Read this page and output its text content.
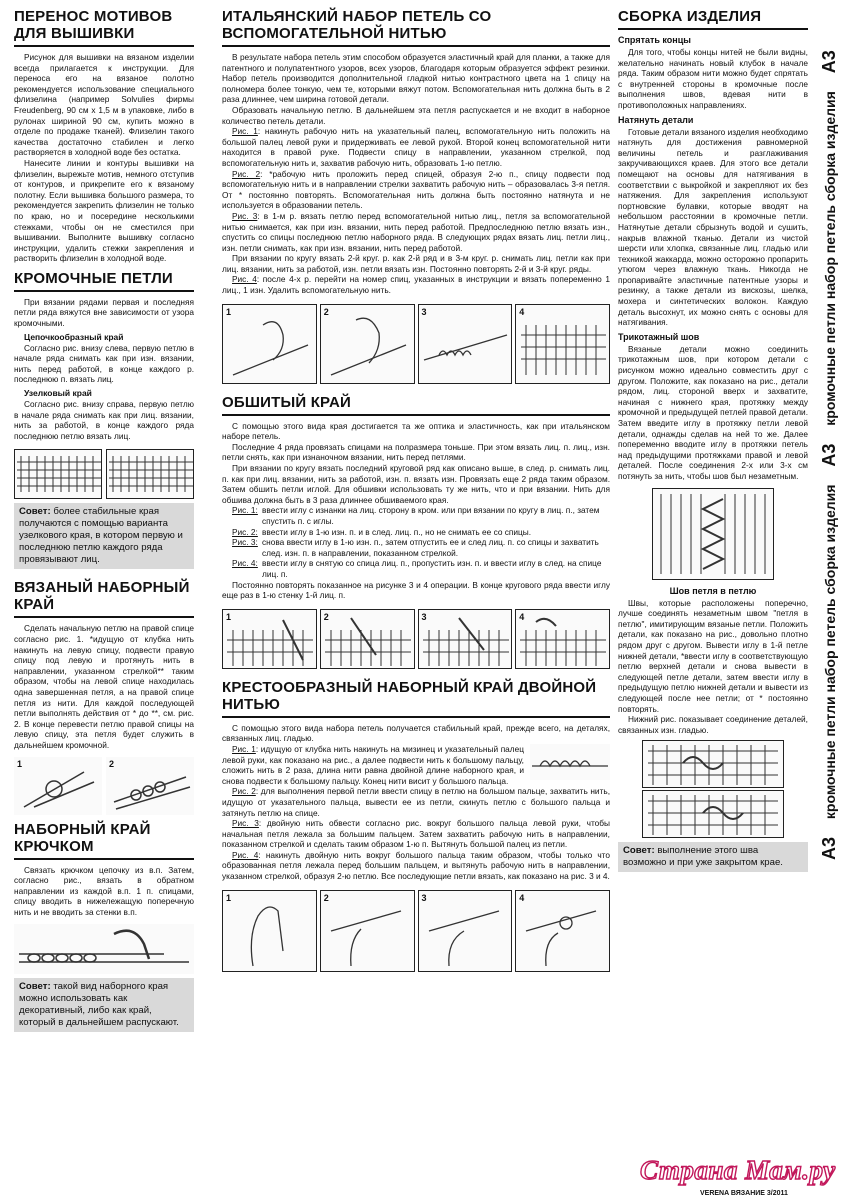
ПЕРЕНОС МОТИВОВ ДЛЯ ВЫШИВКИ

Рисунок для вышивки на вязаном изделии всегда прилагается к инструкции. Для переноса его на вязаное полотно рекомендуется использование специального флизелина (например Solvuliеs фирмы Freudenberg, 90 см х 1,5 м в упаковке, либо в рулонах шириной 90 см, купить можно в отделе по продаже тканей). Флизелин такого качества достаточно стабилен и легко растворяется в холодной воде без остатка.

Нанесите линии и контуры вышивки на флизелин, вырежьте мотив, немного отступив от контуров, и прикрепите его к вязаному полотну. Если вышивка большого размера, то рекомендуется закрепить флизелин не только по краю, но и посередине несколькими стежками, чтобы он не сместился при вышивании. Выполните вышивку согласно инструкции, удалить стежки закрепления и растворить флизелин в холодной воде.

КРОМОЧНЫЕ ПЕТЛИ

При вязании рядами первая и последняя петли ряда вяжутся вне зависимости от узора кромочными.

Цепочкообразный край

Согласно рис. внизу слева, первую петлю в начале ряда снимать как при изн. вязании, нить перед работой, в конце каждого р. последнюю п. вязать лиц.

Узелковый край

Согласно рис. внизу справа, первую петлю в начале ряда снимать как при лиц. вязании, нить за работой, в конце каждого ряда последнюю петлю вязать лиц.

Совет: более стабильные края получаются с помощью варианта узелкового края, в котором первую и последнюю петлю каждого ряда провязывают лиц.
ВЯЗАНЫЙ НАБОРНЫЙ КРАЙ

Сделать начальную петлю на правой спице согласно рис. 1. *идущую от клубка нить накинуть на левую спицу, подвести правую спицу под левую и протянуть нить в направлении, указанном стрелкой** таким образом, чтобы на левой спице находилась одна завершенная петля, а на правой спице петля из нити. Для каждой последующей петли выполнять действия от * до **, см. рис. 2. В конце перевести петлю правой спицы на левую спицу, эта петля будет служить в дальнейшем кромочной.

1	2
НАБОРНЫЙ КРАЙ КРЮЧКОМ

Связать крючком цепочку из в.п. Затем, согласно рис., вязать в обратном направлении из каждой в.п. 1 п. спицами, спицу вводить в нижележащую поперечную нить и не вводить за стенки в.п.

Совет: такой вид наборного края можно использовать как декоративный, либо как край, который в дальнейшем распускают.
ИТАЛЬЯНСКИЙ НАБОР ПЕТЕЛЬ СО ВСПОМОГАТЕЛЬНОЙ НИТЬЮ

В результате набора петель этим способом образуется эластичный край для планки, а также для патентного и полупатентного узоров, всех узоров, благодаря которым образуется эффект резинки. Набор петель производится дополнительной гладкой нитью контрастного цвета на 1 спицу на полномера более тонкую, чем те, которыми вяжут потом. Вспомогательная нить должна быть в 2 раза длиннее, чем ширина готовой детали.

Образовать начальную петлю. В дальнейшем эта петля распускается и не входит в наборное количество петель детали.

Рис. 1: накинуть рабочую нить на указательный палец, вспомогательную нить положить на большой палец левой руки и придерживать ее левой рукой. Второй конец вспомогательной нити находится в правой руке. Подвести спицу в направлении, указанном стрелкой, под вспомогательную нить и, захватив рабочую нить, образовать 1-ю петлю.

Рис. 2: *рабочую нить проложить перед спицей, образуя 2-ю п., спицу подвести под вспомогательную нить и в направлении стрелки захватить рабочую нить – образовалась 3-я петля. От * постоянно повторять. Вспомогательная нить должна быть постоянно натянута и не используется в образовании петель.

Рис. 3: в 1-м р. вязать петлю перед вспомогательной нитью лиц., петля за вспомогательной нитью снимается, как при изн. вязании, нить перед работой. Предпоследнюю петлю вязать изн., спустить со спицы последнюю петлю наборного ряда. В следующих рядах вязать лиц. петли лиц., изн. петли снимать, как при изн. вязании, нить перед работой.

При вязании по кругу вязать 2-й круг. р. как 2-й ряд и в 3-м круг. р. снимать лиц. петли как при лиц. вязании, нить за работой, изн. петли вязать изн. Постоянно повторять 2-й и 3-й круг. ряды.

Рис. 4: после 4-х р. перейти на номер спиц, указанных в инструкции и вязать попеременно 1 лиц., 1 изн. Удалить вспомогательную нить.

1	2	3	4
ОБШИТЫЙ КРАЙ

С помощью этого вида края достигается та же оптика и эластичность, как при итальянском наборе петель.

Последние 4 ряда провязать спицами на полразмера тоньше. При этом вязать лиц. п. лиц., изн. петли снять, как при изнаночном вязании, нить перед петлями.

При вязании по кругу вязать последний круговой ряд как описано выше, в след. р. снимать лиц. п. как при лиц. вязании, нить за работой, изн. п. вязать изн. Провязать еще 2 ряда таким образом. Затем обшить петли иглой. Для обшивки использовать ту же нить, что и при вязании. Нить для обшива должна быть в 3 раза длиннее обшиваемого края.

Рис. 1: ввести иглу с изнанки на лиц. сторону в кром. или при вязании по кругу в лиц. п., затем спустить п. с иглы.
Рис. 2: ввести иглу в 1-ю изн. п. и в след. лиц. п., но не снимать ее со спицы.
Рис. 3: снова ввести иглу в 1-ю изн. п., затем отпустить ее и след лиц. п. со спицы и захватить след. изн. п. в направлении, показанном стрелкой.
Рис. 4: ввести иглу в снятую со спица лиц. п., пропустить изн. п. и ввести иглу в след. на спице лиц. п.

Постоянно повторять показанное на рисунке 3 и 4 операции. В конце кругового ряда ввести иглу еще раз в 1-ю стенку 1-й лиц. п.

1	2	3	4
КРЕСТООБРАЗНЫЙ НАБОРНЫЙ КРАЙ ДВОЙНОЙ НИТЬЮ

С помощью этого вида набора петель получается стабильный край, прежде всего, на деталях, связанных лиц. гладью.

Рис. 1: идущую от клубка нить накинуть на мизинец и указательный палец левой руки, как показано на рис., а далее подвести нить к большому пальцу, сложить нить в 2 раза, длина нити равна двойной длине наборного края, и снова подвести к большому пальцу. Конец нити висит у большого пальца.

Рис. 2: для выполнения первой петли ввести спицу в петлю на большом пальце, захватить нить, идущую от указательного пальца, вывести ее из петли, скинуть петлю с большого пальца и затянуть петлю на спице.

Рис. 3: двойную нить обвести согласно рис. вокруг большого пальца левой руки, чтобы начальная петля лежала за большим пальцем. Затем захватить рабочую нить в направлении, показанном стрелкой и сделать таким образом 1-ю п. Вытянуть большой палец из петли.

Рис. 4: накинуть двойную нить вокруг большого пальца таким образом, чтобы только что образованная петля лежала перед большим пальцем, и вытянуть рабочую нить в направлении, указанном стрелкой, образуя 2-ю петлю. Все последующие петли вязать, как показано на рис. 3 и 4.

1	2	3	4
СБОРКА ИЗДЕЛИЯ
Спрятать концы

Для того, чтобы концы нитей не были видны, желательно начинать новый клубок в начале ряда. Таким образом нити можно будет спрятать с внутренней стороны в кромочные после выполнения швов, вдевая нити в противоположных направлениях.

Натянуть детали

Готовые детали вязаного изделия необходимо натянуть для достижения равномерной величины петель и разглаживания закручивающихся краев. Для этого все детали помещают на основы для натягивания в соответствии с выкройкой и закрепляют их без натяжения. Для закрепления используют портновские булавки, которые вводят на небольшом расстоянии в кромочные петли. Натянутые детали сбрызнуть водой и сушить, накрыв влажной тканью. Детали из чистой шерсти или хлопка, связанные лиц. гладью или техникой жаккарда, можно осторожно пропарить утюгом через влажную ткань. Никогда не пропаривайте эластичные патентные узоры и резинку, а также детали из вискозы, шелка, мохера и синтетических волокон. Каждую деталь высохнут, их можно снять с основы для натягивания.

Трикотажный шов

Вязаные детали можно соединить трикотажным шов, при котором детали с рисунком можно идеально совместить друг с другом. Положите, как показано на рис., детали рядом, лиц. стороной вверх и захватите, начиная с нижнего края, протяжку между кромочной и предыдущей петлей правой детали. Затем введите иглу в протяжку петли левой детали, однажды сделав на ней то же. Далее попеременно вводите иглу в протяжки петель над предыдущими протяжками правой и левой деталей. После соединения 2-х или 3-х см потянуть за нить, чтобы шов был незаметным.

Шов петля в петлю

Швы, которые расположены поперечно, лучше соединять незаметным швом "петля в петлю", имитирующим вязаные петли. Положить детали, как показано на рис., довольно плотно рядом друг с другом. Вывести иглу в 1-й петле нижней детали, *ввести иглу в соответствующую петлю верхней детали и снова вывести в следующей петле детали, затем ввести иглу в предыдущую петлю нижней детали и вывести из следующей после нее петли; от * постоянно повторять.

Нижний рис. показывает соединение деталей, связанных изн. гладью.

Совет: выполнение этого шва возможно и при уже закрытом крае.
А3 кромочные петли набор петель сборка изделия А3 кромочные петли набор петель сборка изделия А3
Страна Мам.ру
VERENA ВЯЗАНИЕ 3/2011
